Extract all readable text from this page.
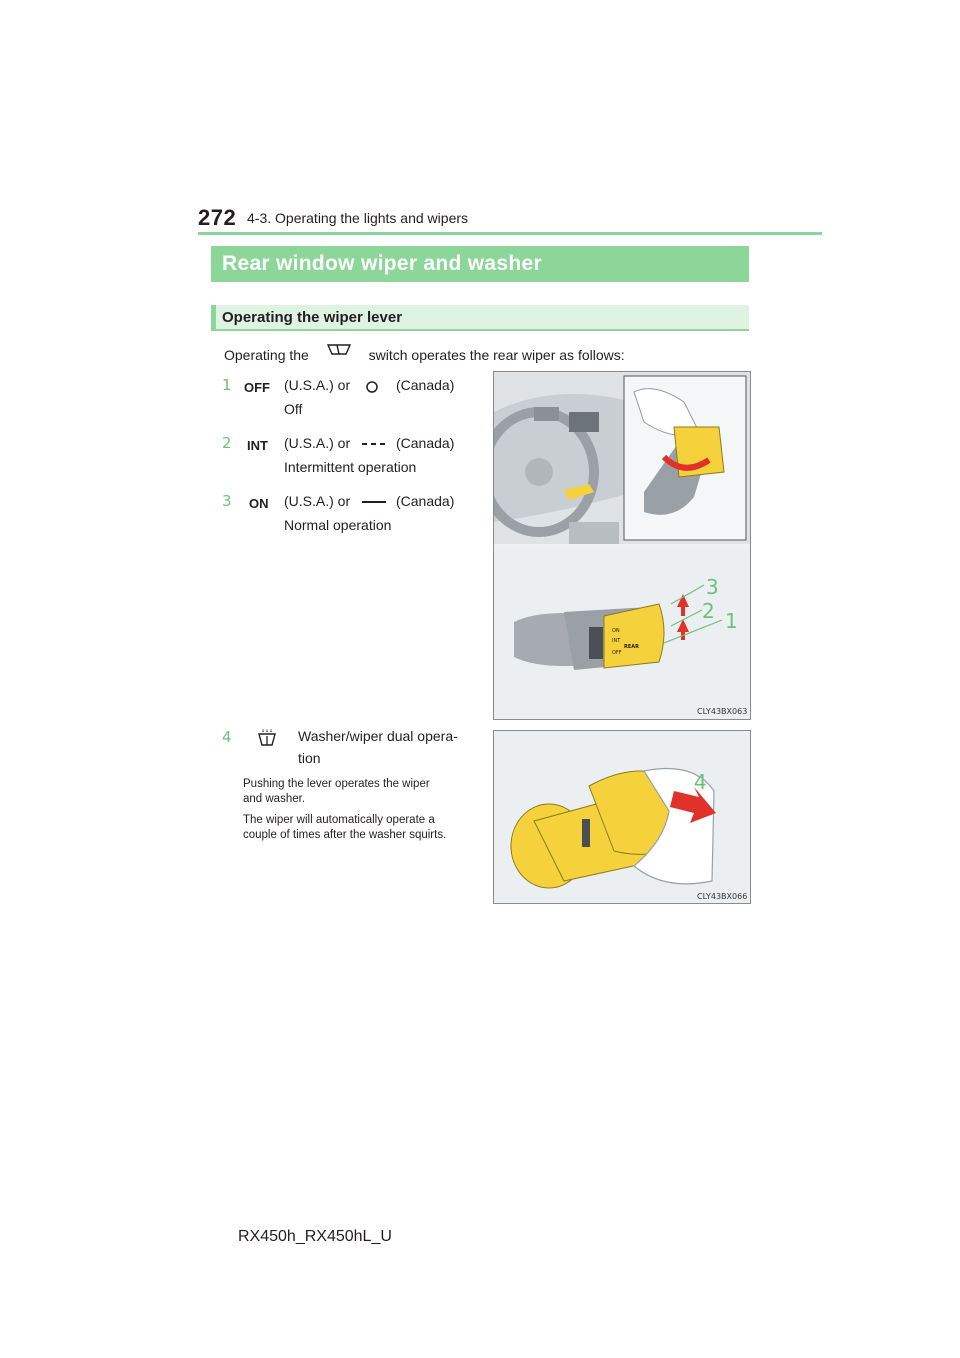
272 4-3. Operating the lights and wipers
Rear window wiper and washer
Operating the wiper lever
Operating the	switch operates the rear wiper as follows:
1 OFF (U.S.A.) or	(Canada)
Off
2 INT (U.S.A.) or	(Canada)
Intermittent operation
3 ON (U.S.A.) or	(Canada)
Normal operation
ON
INT
OFF
REAR
3
2 1
CLY43BX063
4	Washer/wiper dual opera-
tion
Pushing the lever operates the wiper
and washer.
The wiper will automatically operate a
couple of times after the washer squirts.
4
CLY43BX066
RX450h_RX450hL_U
